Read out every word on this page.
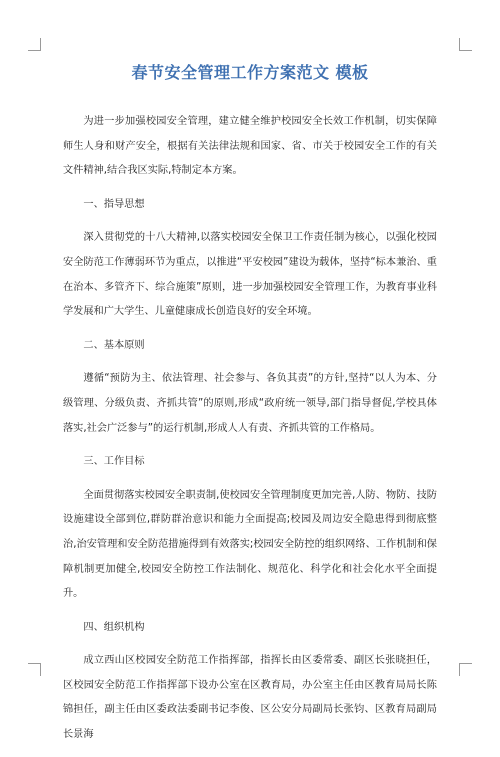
春节安全管理工作方案范文 模板

为进一步加强校园安全管理，建立健全维护校园安全长效工作机制，切实保障师生人身和财产安全，根据有关法律法规和国家、省、市关于校园安全工作的有关文件精神,结合我区实际,特制定本方案。

一、指导思想

深入贯彻党的十八大精神,以落实校园安全保卫工作责任制为核心，以强化校园安全防范工作薄弱环节为重点，以推进“平安校园”建设为载体，坚持“标本兼治、重在治本、多管齐下、综合施策”原则，进一步加强校园安全管理工作，为教育事业科学发展和广大学生、儿童健康成长创造良好的安全环境。

二、基本原则

遵循“预防为主、依法管理、社会参与、各负其责”的方针,坚持“以人为本、分级管理、分级负责、齐抓共管”的原则,形成“政府统一领导,部门指导督促,学校具体落实,社会广泛参与”的运行机制,形成人人有责、齐抓共管的工作格局。

三、工作目标

全面贯彻落实校园安全职责制,使校园安全管理制度更加完善,人防、物防、技防设施建设全部到位,群防群治意识和能力全面提高;校园及周边安全隐患得到彻底整治,治安管理和安全防范措施得到有效落实;校园安全防控的组织网络、工作机制和保障机制更加健全,校园安全防控工作法制化、规范化、科学化和社会化水平全面提升。

四、组织机构

成立西山区校园安全防范工作指挥部，指挥长由区委常委、副区长张晓担任，区校园安全防范工作指挥部下设办公室在区教育局，办公室主任由区教育局局长陈锦担任，副主任由区委政法委副书记李俊、区公安分局副局长张钧、区教育局副局长景海
